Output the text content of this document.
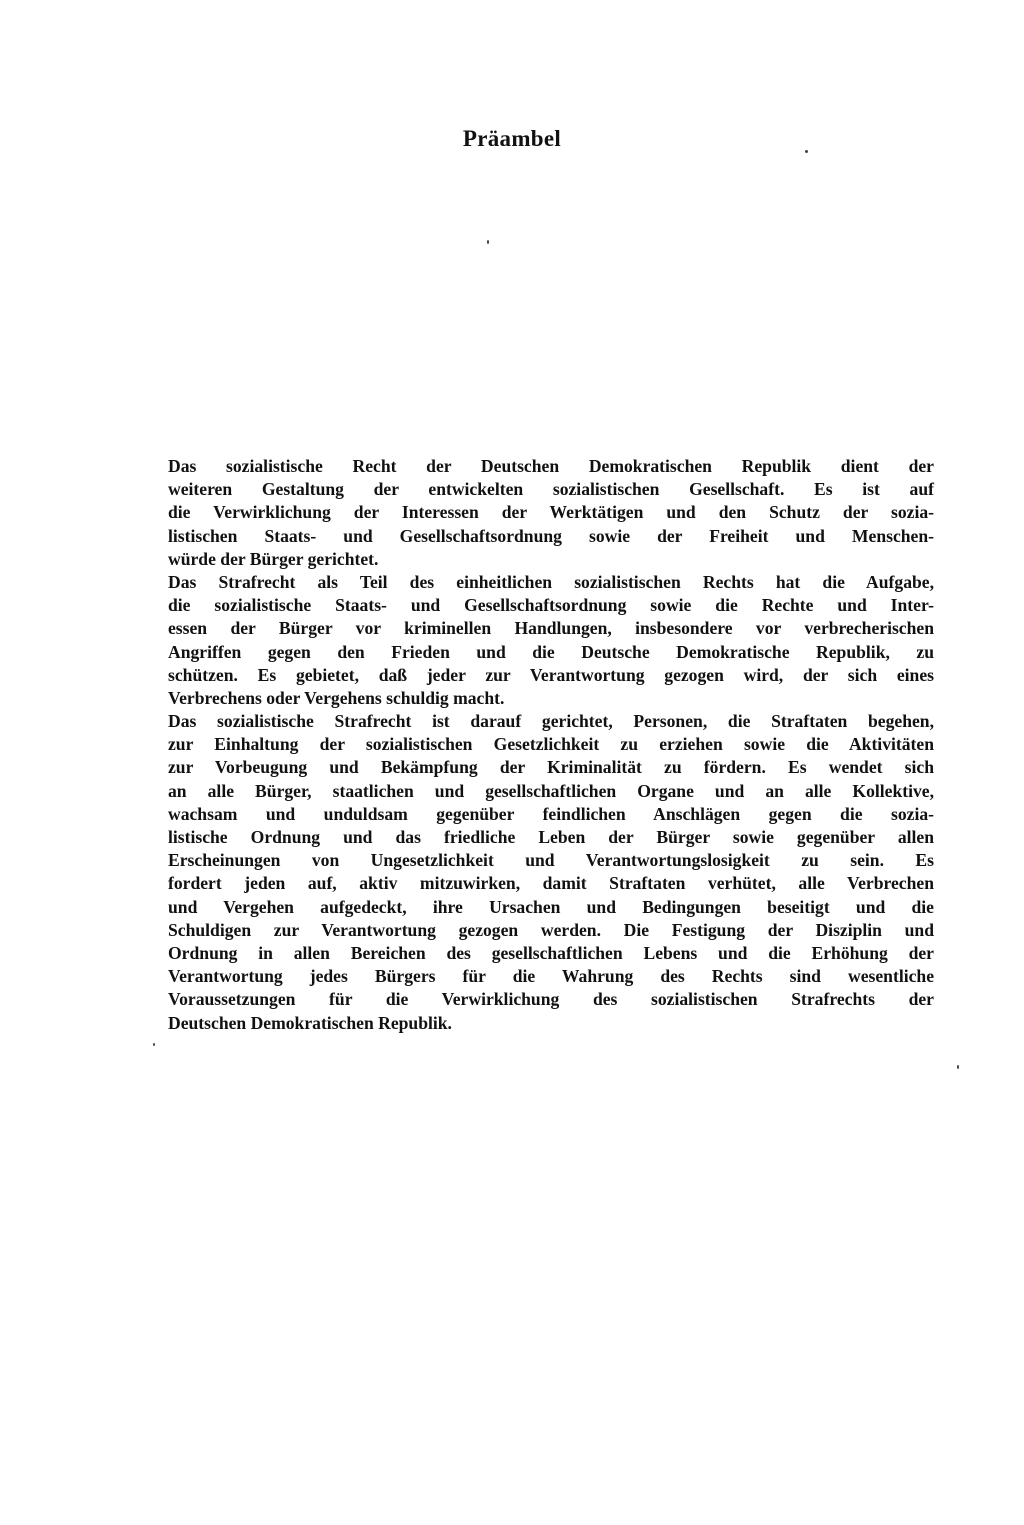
Präambel
Das sozialistische Recht der Deutschen Demokratischen Republik dient der
weiteren Gestaltung der entwickelten sozialistischen Gesellschaft. Es ist auf
die Verwirklichung der Interessen der Werktätigen und den Schutz der sozia-
listischen Staats- und Gesellschaftsordnung sowie der Freiheit und Menschen-
würde der Bürger gerichtet.
Das Strafrecht als Teil des einheitlichen sozialistischen Rechts hat die Aufgabe,
die sozialistische Staats- und Gesellschaftsordnung sowie die Rechte und Inter-
essen der Bürger vor kriminellen Handlungen, insbesondere vor verbrecherischen
Angriffen gegen den Frieden und die Deutsche Demokratische Republik, zu
schützen. Es gebietet, daß jeder zur Verantwortung gezogen wird, der sich eines
Verbrechens oder Vergehens schuldig macht.
Das sozialistische Strafrecht ist darauf gerichtet, Personen, die Straftaten begehen,
zur Einhaltung der sozialistischen Gesetzlichkeit zu erziehen sowie die Aktivitäten
zur Vorbeugung und Bekämpfung der Kriminalität zu fördern. Es wendet sich
an alle Bürger, staatlichen und gesellschaftlichen Organe und an alle Kollektive,
wachsam und unduldsam gegenüber feindlichen Anschlägen gegen die sozia-
listische Ordnung und das friedliche Leben der Bürger sowie gegenüber allen
Erscheinungen von Ungesetzlichkeit und Verantwortungslosigkeit zu sein. Es
fordert jeden auf, aktiv mitzuwirken, damit Straftaten verhütet, alle Verbrechen
und Vergehen aufgedeckt, ihre Ursachen und Bedingungen beseitigt und die
Schuldigen zur Verantwortung gezogen werden. Die Festigung der Disziplin und
Ordnung in allen Bereichen des gesellschaftlichen Lebens und die Erhöhung der
Verantwortung jedes Bürgers für die Wahrung des Rechts sind wesentliche
Voraussetzungen für die Verwirklichung des sozialistischen Strafrechts der
Deutschen Demokratischen Republik.
